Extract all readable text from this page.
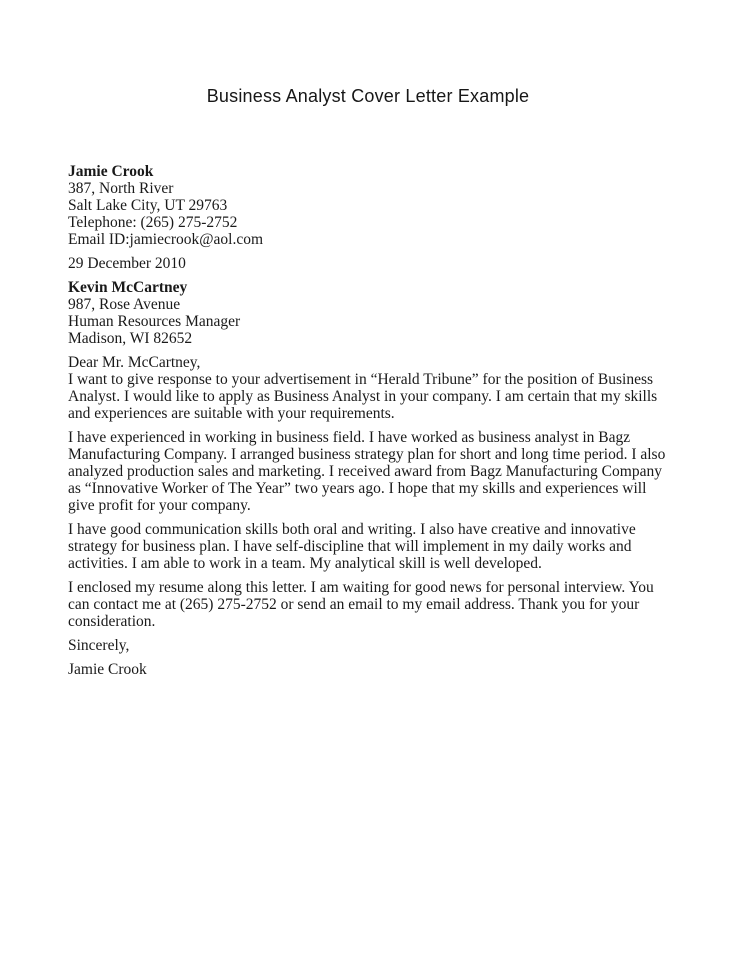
Business Analyst Cover Letter Example
Jamie Crook
387, North River
Salt Lake City, UT 29763
Telephone: (265) 275-2752
Email ID:jamiecrook@aol.com
29 December 2010
Kevin McCartney
987, Rose Avenue
Human Resources Manager
Madison, WI 82652
Dear Mr. McCartney,
I want to give response to your advertisement in “Herald Tribune” for the position of Business Analyst. I would like to apply as Business Analyst in your company. I am certain that my skills and experiences are suitable with your requirements.

I have experienced in working in business field. I have worked as business analyst in Bagz Manufacturing Company. I arranged business strategy plan for short and long time period. I also analyzed production sales and marketing. I received award from Bagz Manufacturing Company as “Innovative Worker of The Year” two years ago. I hope that my skills and experiences will give profit for your company.

I have good communication skills both oral and writing. I also have creative and innovative strategy for business plan. I have self-discipline that will implement in my daily works and activities. I am able to work in a team. My analytical skill is well developed.

I enclosed my resume along this letter. I am waiting for good news for personal interview. You can contact me at (265) 275-2752 or send an email to my email address. Thank you for your consideration.

Sincerely,

Jamie Crook
